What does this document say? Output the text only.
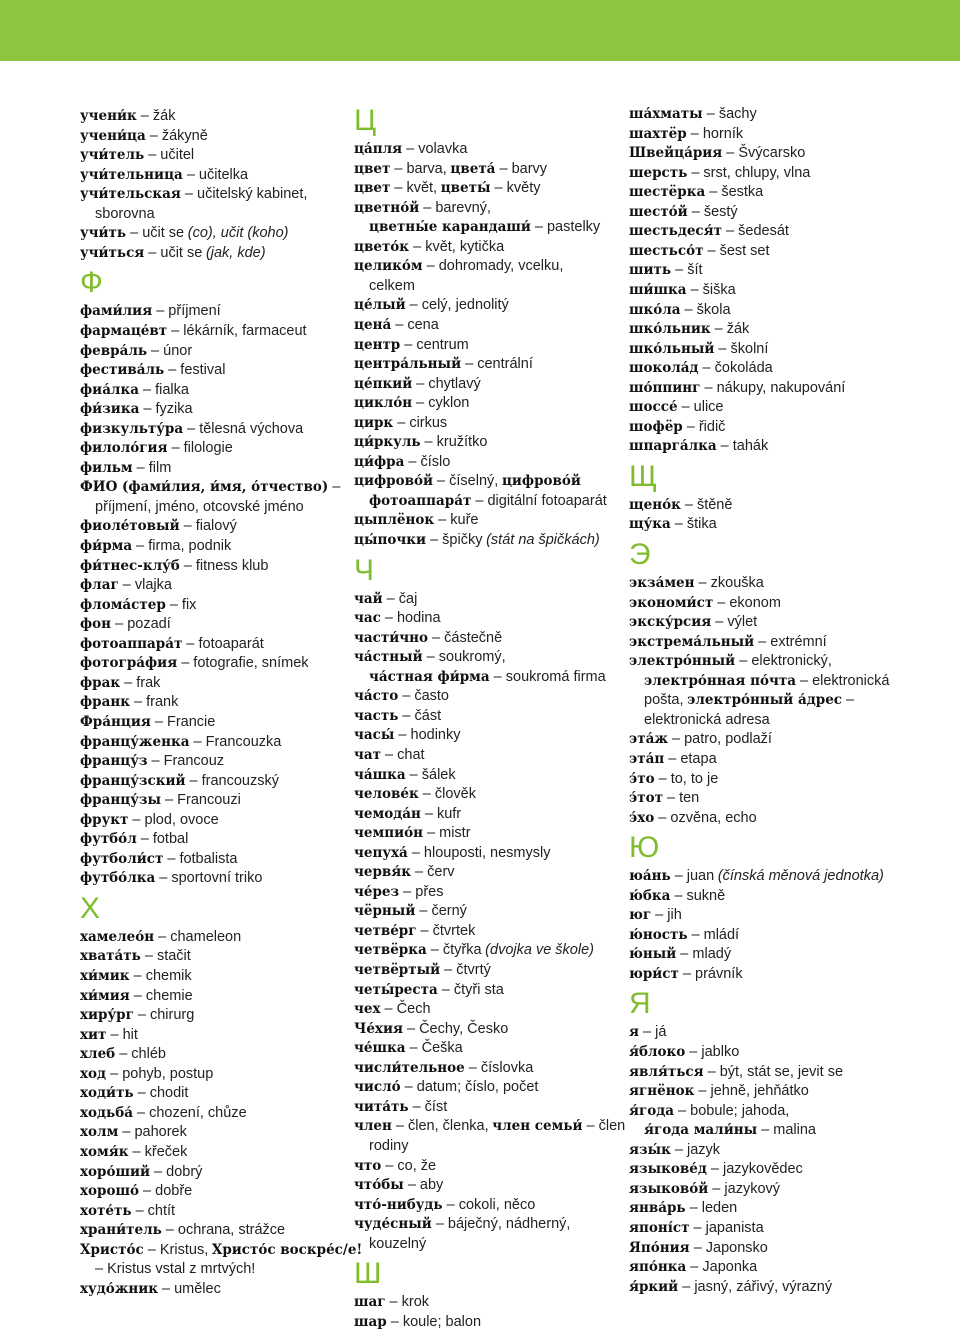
учени́к – žák
учени́ца – žákyně
учи́тель – učitel
учи́тельница – učitelka
учи́тельская – učitelský kabinet,
sborovna
учи́ть – učit se (co), učit (koho)
учи́ться – učit se (jak, kde)
Ф
фами́лия – příjmení
фармаце́вт – lékárník, farmaceut
февра́ль – únor
фестива́ль – festival
фиа́лка – fialka
фи́зика – fyzika
физкульту́ра – tělesná výchova
филоло́гия – filologie
фильм – film
ФИО (фами́лия, и́мя, о́тчество) –
příjmení, jméno, otcovské jméno
фиоле́товый – fialový
фи́рма – firma, podnik
фи́тнес-клу́б – fitness klub
флаг – vlajka
флома́стер – fix
фон – pozadí
фотоаппара́т – fotoaparát
фотогра́фия – fotografie, snímek
фрак – frak
франк – frank
Фра́нция – Francie
францу́женка – Francouzka
францу́з – Francouz
францу́зский – francouzský
францу́зы – Francouzi
фрукт – plod, ovoce
футбо́л – fotbal
футболи́ст – fotbalista
футбо́лка – sportovní triko
Х
хамелео́н – chameleon
хвата́ть – stačit
хи́мик – chemik
хи́мия – chemie
хиру́рг – chirurg
хит – hit
хлеб – chléb
ход – pohyb, postup
ходи́ть – chodit
ходьба́ – chození, chůze
холм – pahorek
хомя́к – křeček
хоро́ший – dobrý
хорошо́ – dobře
хоте́ть – chtít
храни́тель – ochrana, strážce
Христо́с – Kristus, Христо́с воскре́с/е!
– Kristus vstal z mrtvých!
худо́жник – umělec
Ц
ца́пля – volavka
цвет – barva, цвета́ – barvy
цвет – květ, цветы́ – květy
цветно́й – barevný,
цветны́е карандаши́ – pastelky
цвето́к – květ, kytička
целико́м – dohromady, vcelku,
celkem
це́лый – celý, jednolitý
цена́ – cena
центр – centrum
центра́льный – centrální
це́пкий – chytlavý
цикло́н – cyklon
цирк – cirkus
ци́ркуль – kružítko
ци́фра – číslo
цифрово́й – číselný, цифрово́й
фотоаппара́т – digitální fotoaparát
цыплёнок – kuře
цы́почки – špičky (stát na špičkách)
Ч
чай – čaj
час – hodina
части́чно – částečně
ча́стный – soukromý,
ча́стная фи́рма – soukromá firma
ча́сто – často
часть – část
часы́ – hodinky
чат – chat
ча́шка – šálek
челове́к – člověk
чемода́н – kufr
чемпио́н – mistr
чепуха́ – hlouposti, nesmysly
червя́к – červ
че́рез – přes
чёрный – černý
четве́рг – čtvrtek
четвёрка – čtyřka (dvojka ve škole)
четвёртый – čtvrtý
четы́реста – čtyři sta
чех – Čech
Че́хия – Čechy, Česko
че́шка – Češka
числи́тельное – číslovka
число́ – datum; číslo, počet
чита́ть – číst
член – člen, členka, член семьи́ – člen
rodiny
что – co, že
что́бы – aby
что́-нибудь – cokoli, něco
чуде́сный – báječný, nádherný,
kouzelný
Ш
шаг – krok
шар – koule; balon
ша́хматы – šachy
шахтёр – horník
Швейца́рия – Švýcarsko
шерсть – srst, chlupy, vlna
шестёрка – šestka
шесто́й – šestý
шестьдеся́т – šedesát
шестьсо́т – šest set
шить – šít
ши́шка – šiška
шко́ла – škola
шко́льник – žák
шко́льный – školní
шокола́д – čokoláda
шо́ппинг – nákupy, nakupování
шоссе́ – ulice
шофёр – řidič
шпарга́лка – tahák
Щ
щено́к – štěně
щу́ка – štika
Э
экза́мен – zkouška
экономи́ст – ekonom
экску́рсия – výlet
экстрема́льный – extrémní
электро́нный – elektronický,
электро́нная по́чта – elektronická
pošta, электро́нный а́дрес –
elektronická adresa
эта́ж – patro, podlaží
эта́п – etapa
э́то – to, to je
э́тот – ten
э́хо – ozvěna, echo
Ю
юа́нь – juan (čínská měnová jednotka)
ю́бка – sukně
юг – jih
ю́ность – mládí
ю́ный – mladý
юри́ст – právník
Я
я – já
я́блоко – jablko
явля́ться – být, stát se, jevit se
ягнёнок – jehně, jehňátko
я́года – bobule; jahoda,
я́года мали́ны – malina
язы́к – jazyk
языкове́д – jazykovědec
языково́й – jazykový
янва́рь – leden
японі́ст – japanista
Япо́ния – Japonsko
япо́нка – Japonka
я́ркий – jasný, zářivý, výrazný
